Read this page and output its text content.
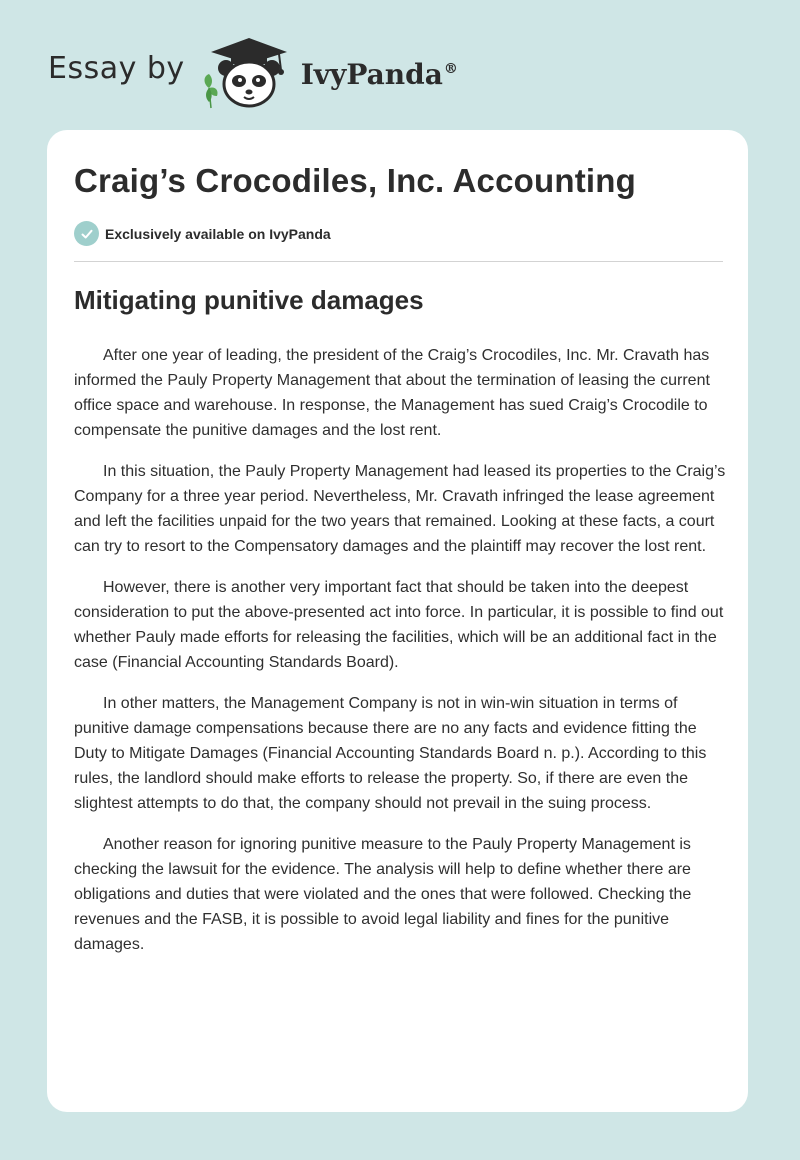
Essay by	IvyPanda®
Craig’s Crocodiles, Inc. Accounting
Exclusively available on IvyPanda
Mitigating punitive damages

After one year of leading, the president of the Craig’s Crocodiles, Inc. Mr. Cravath has informed the Pauly Property Management that about the termination of leasing the current office space and warehouse. In response, the Management has sued Craig’s Crocodile to compensate the punitive damages and the lost rent.

In this situation, the Pauly Property Management had leased its properties to the Craig’s Company for a three year period. Nevertheless, Mr. Cravath infringed the lease agreement and left the facilities unpaid for the two years that remained. Looking at these facts, a court can try to resort to the Compensatory damages and the plaintiff may recover the lost rent.

However, there is another very important fact that should be taken into the deepest consideration to put the above-presented act into force. In particular, it is possible to find out whether Pauly made efforts for releasing the facilities, which will be an additional fact in the case (Financial Accounting Standards Board).

In other matters, the Management Company is not in win-win situation in terms of punitive damage compensations because there are no any facts and evidence fitting the Duty to Mitigate Damages (Financial Accounting Standards Board n. p.). According to this rules, the landlord should make efforts to release the property. So, if there are even the slightest attempts to do that, the company should not prevail in the suing process.

Another reason for ignoring punitive measure to the Pauly Property Management is checking the lawsuit for the evidence. The analysis will help to define whether there are obligations and duties that were violated and the ones that were followed. Checking the revenues and the FASB, it is possible to avoid legal liability and fines for the punitive damages.
